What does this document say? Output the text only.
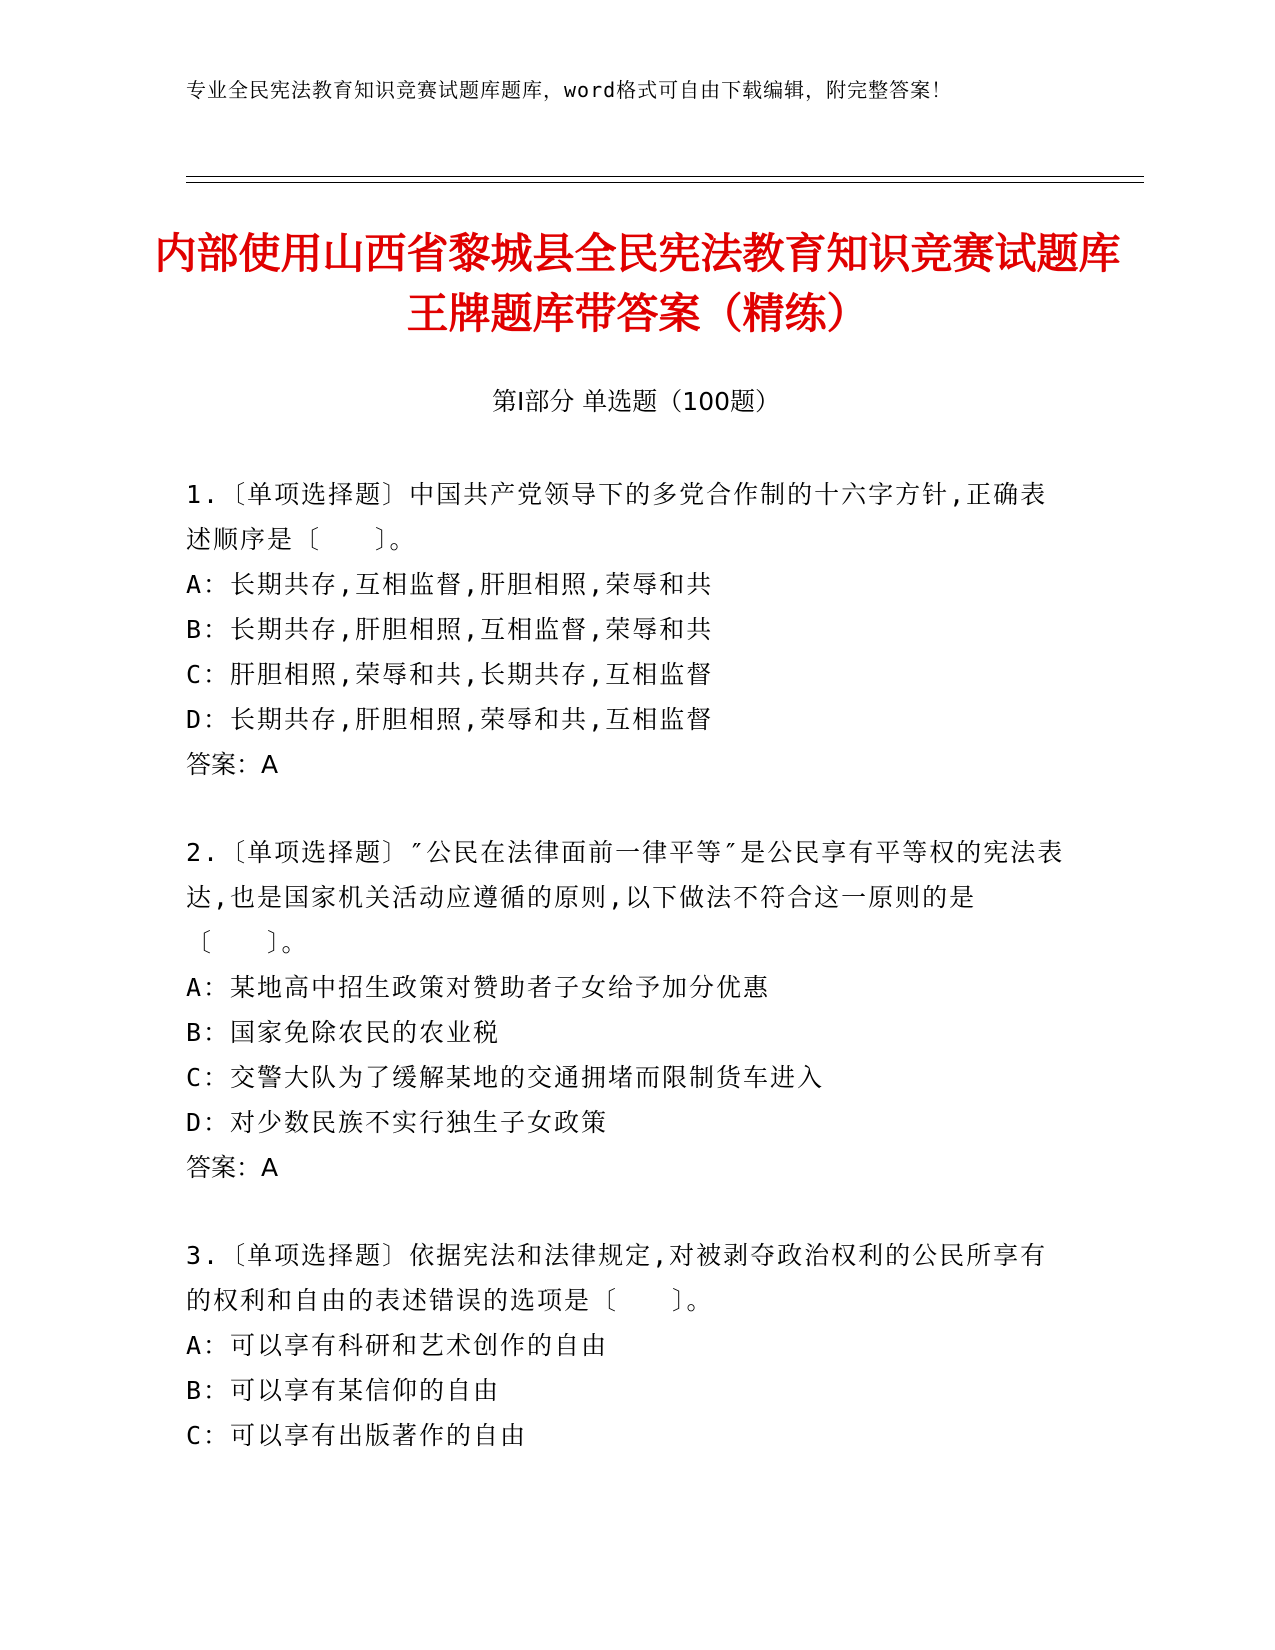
专业全民宪法教育知识竞赛试题库题库，word格式可自由下载编辑，附完整答案！
内部使用山西省黎城县全民宪法教育知识竞赛试题库王牌题库带答案（精练）
第I部分 单选题（100题）
1.〔单项选择题〕中国共产党领导下的多党合作制的十六字方针,正确表述顺序是〔　　〕。
A：长期共存,互相监督,肝胆相照,荣辱和共
B：长期共存,肝胆相照,互相监督,荣辱和共
C：肝胆相照,荣辱和共,长期共存,互相监督
D：长期共存,肝胆相照,荣辱和共,互相监督
答案：A
2.〔单项选择题〕″公民在法律面前一律平等″是公民享有平等权的宪法表达,也是国家机关活动应遵循的原则,以下做法不符合这一原则的是〔　　〕。
A：某地高中招生政策对赞助者子女给予加分优惠
B：国家免除农民的农业税
C：交警大队为了缓解某地的交通拥堵而限制货车进入
D：对少数民族不实行独生子女政策
答案：A
3.〔单项选择题〕依据宪法和法律规定,对被剥夺政治权利的公民所享有的权利和自由的表述错误的选项是〔　　〕。
A：可以享有科研和艺术创作的自由
B：可以享有某信仰的自由
C：可以享有出版著作的自由
